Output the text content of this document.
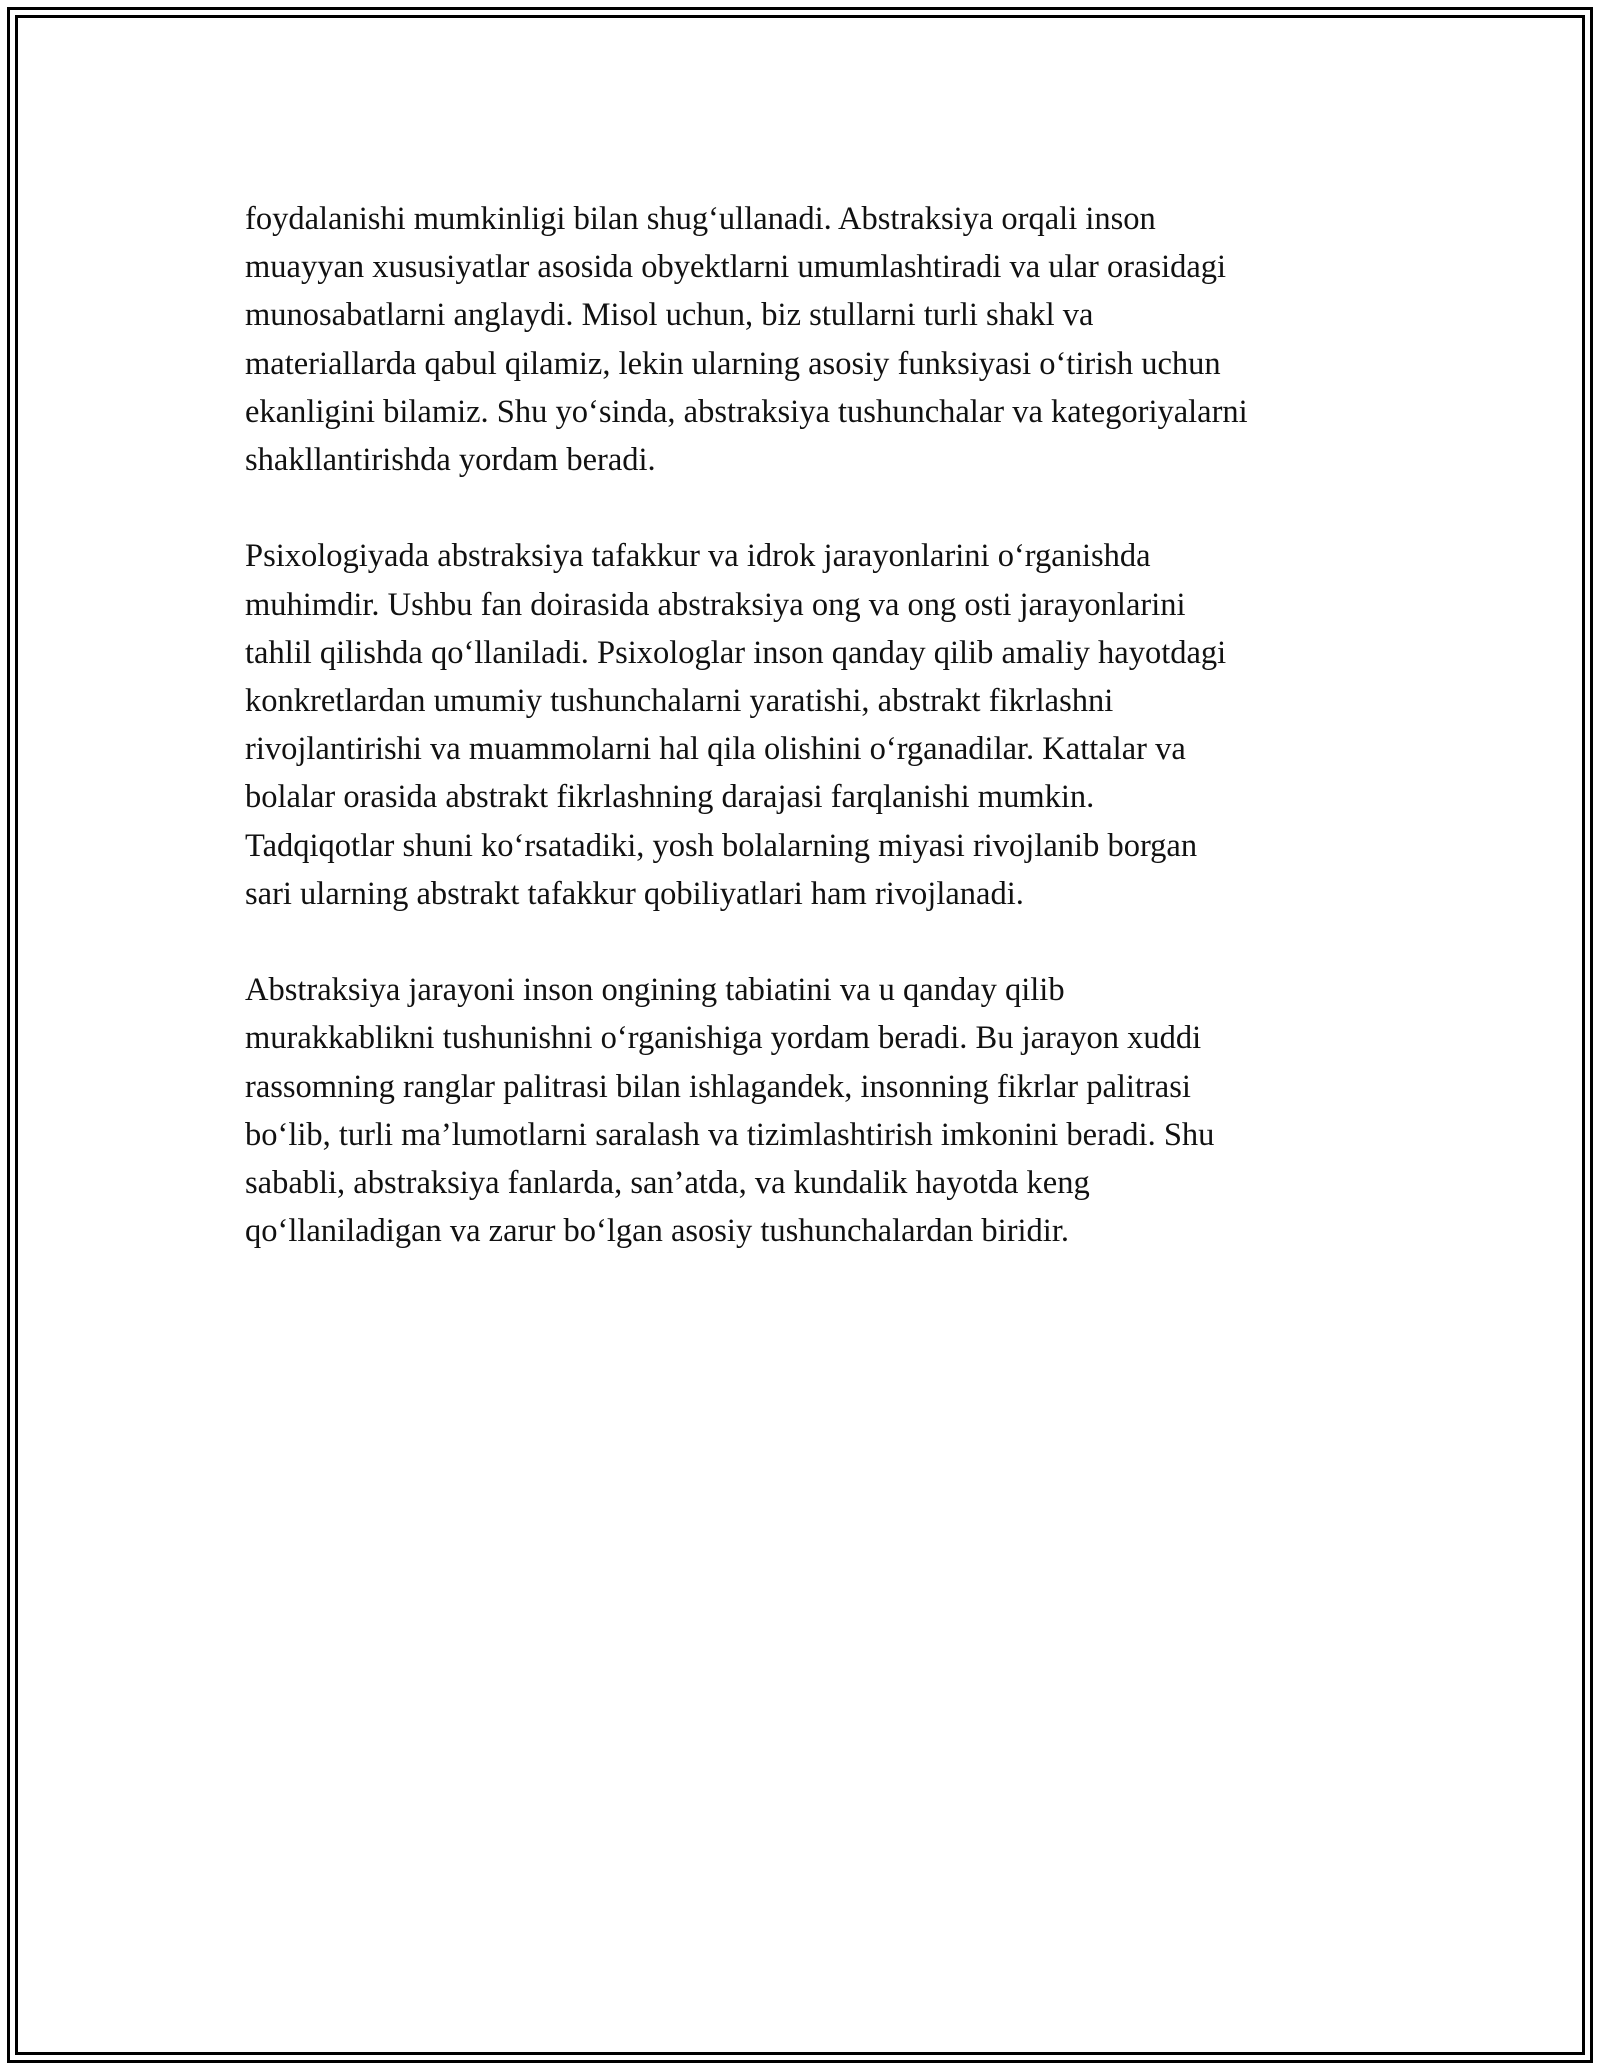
foydalanishi mumkinligi bilan shug‘ullanadi. Abstraksiya orqali inson
muayyan xususiyatlar asosida obyektlarni umumlashtiradi va ular orasidagi
munosabatlarni anglaydi. Misol uchun, biz stullarni turli shakl va
materiallarda qabul qilamiz, lekin ularning asosiy funksiyasi o‘tirish uchun
ekanligini bilamiz. Shu yo‘sinda, abstraksiya tushunchalar va kategoriyalarni
shakllantirishda yordam beradi.

Psixologiyada abstraksiya tafakkur va idrok jarayonlarini o‘rganishda
muhimdir. Ushbu fan doirasida abstraksiya ong va ong osti jarayonlarini
tahlil qilishda qo‘llaniladi. Psixologlar inson qanday qilib amaliy hayotdagi
konkretlardan umumiy tushunchalarni yaratishi, abstrakt fikrlashni
rivojlantirishi va muammolarni hal qila olishini o‘rganadilar. Kattalar va
bolalar orasida abstrakt fikrlashning darajasi farqlanishi mumkin.
Tadqiqotlar shuni ko‘rsatadiki, yosh bolalarning miyasi rivojlanib borgan
sari ularning abstrakt tafakkur qobiliyatlari ham rivojlanadi.

Abstraksiya jarayoni inson ongining tabiatini va u qanday qilib
murakkablikni tushunishni o‘rganishiga yordam beradi. Bu jarayon xuddi
rassomning ranglar palitrasi bilan ishlagandek, insonning fikrlar palitrasi
bo‘lib, turli ma’lumotlarni saralash va tizimlashtirish imkonini beradi. Shu
sababli, abstraksiya fanlarda, san’atda, va kundalik hayotda keng
qo‘llaniladigan va zarur bo‘lgan asosiy tushunchalardan biridir.
